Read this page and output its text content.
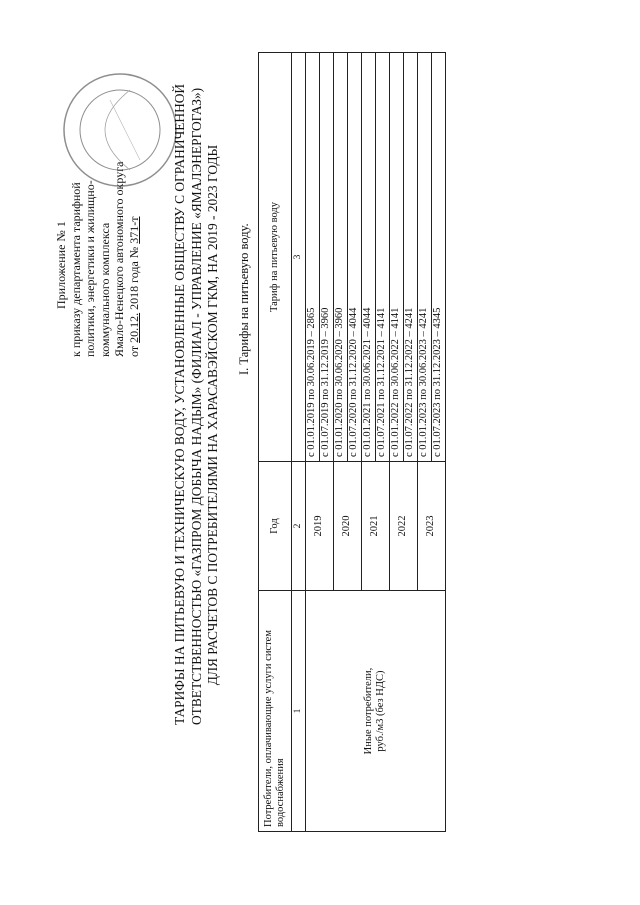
Приложение № 1 к приказу департамента тарифной политики, энергетики и жилищно- коммунального комплекса Ямало-Ненецкого автономного округа от 20.12. 2018 года № 371-т ТАРИФЫ НА ПИТЬЕВУЮ И ТЕХНИЧЕСКУЮ ВОДУ, УСТАНОВЛЕННЫЕ ОБЩЕСТВУ С ОГРАНИЧЕННОЙ ОТВЕТСТВЕННОСТЬЮ «ГАЗПРОМ ДОБЫЧА НАДЫМ» (ФИЛИАЛ - УПРАВЛЕНИЕ «ЯМАЛЭНЕРГОГАЗ») ДЛЯ РАСЧЕТОВ С ПОТРЕБИТЕЛЯМИ НА ХАРАСАВЭЙСКОМ ГКМ, НА 2019 - 2023 ГОДЫ I. Тарифы на питьевую воду.
Потребители, оплачивающие услуги систем водоснабжения	Год	Тариф на питьевую воду
1	2	3

Иные потребители, руб./м3 (без НДС)	2019	с 01.01.2019 по 30.06.2019 – 2865
		с 01.07.2019 по 31.12.2019 – 3960
	2020	с 01.01.2020 по 30.06.2020 – 3960
		с 01.07.2020 по 31.12.2020 – 4044
	2021	с 01.01.2021 по 30.06.2021 – 4044
		с 01.07.2021 по 31.12.2021 – 4141
	2022	с 01.01.2022 по 30.06.2022 – 4141
		с 01.07.2022 по 31.12.2022 – 4241
	2023	с 01.01.2023 по 30.06.2023 – 4241
		с 01.07.2023 по 31.12.2023 – 4345
